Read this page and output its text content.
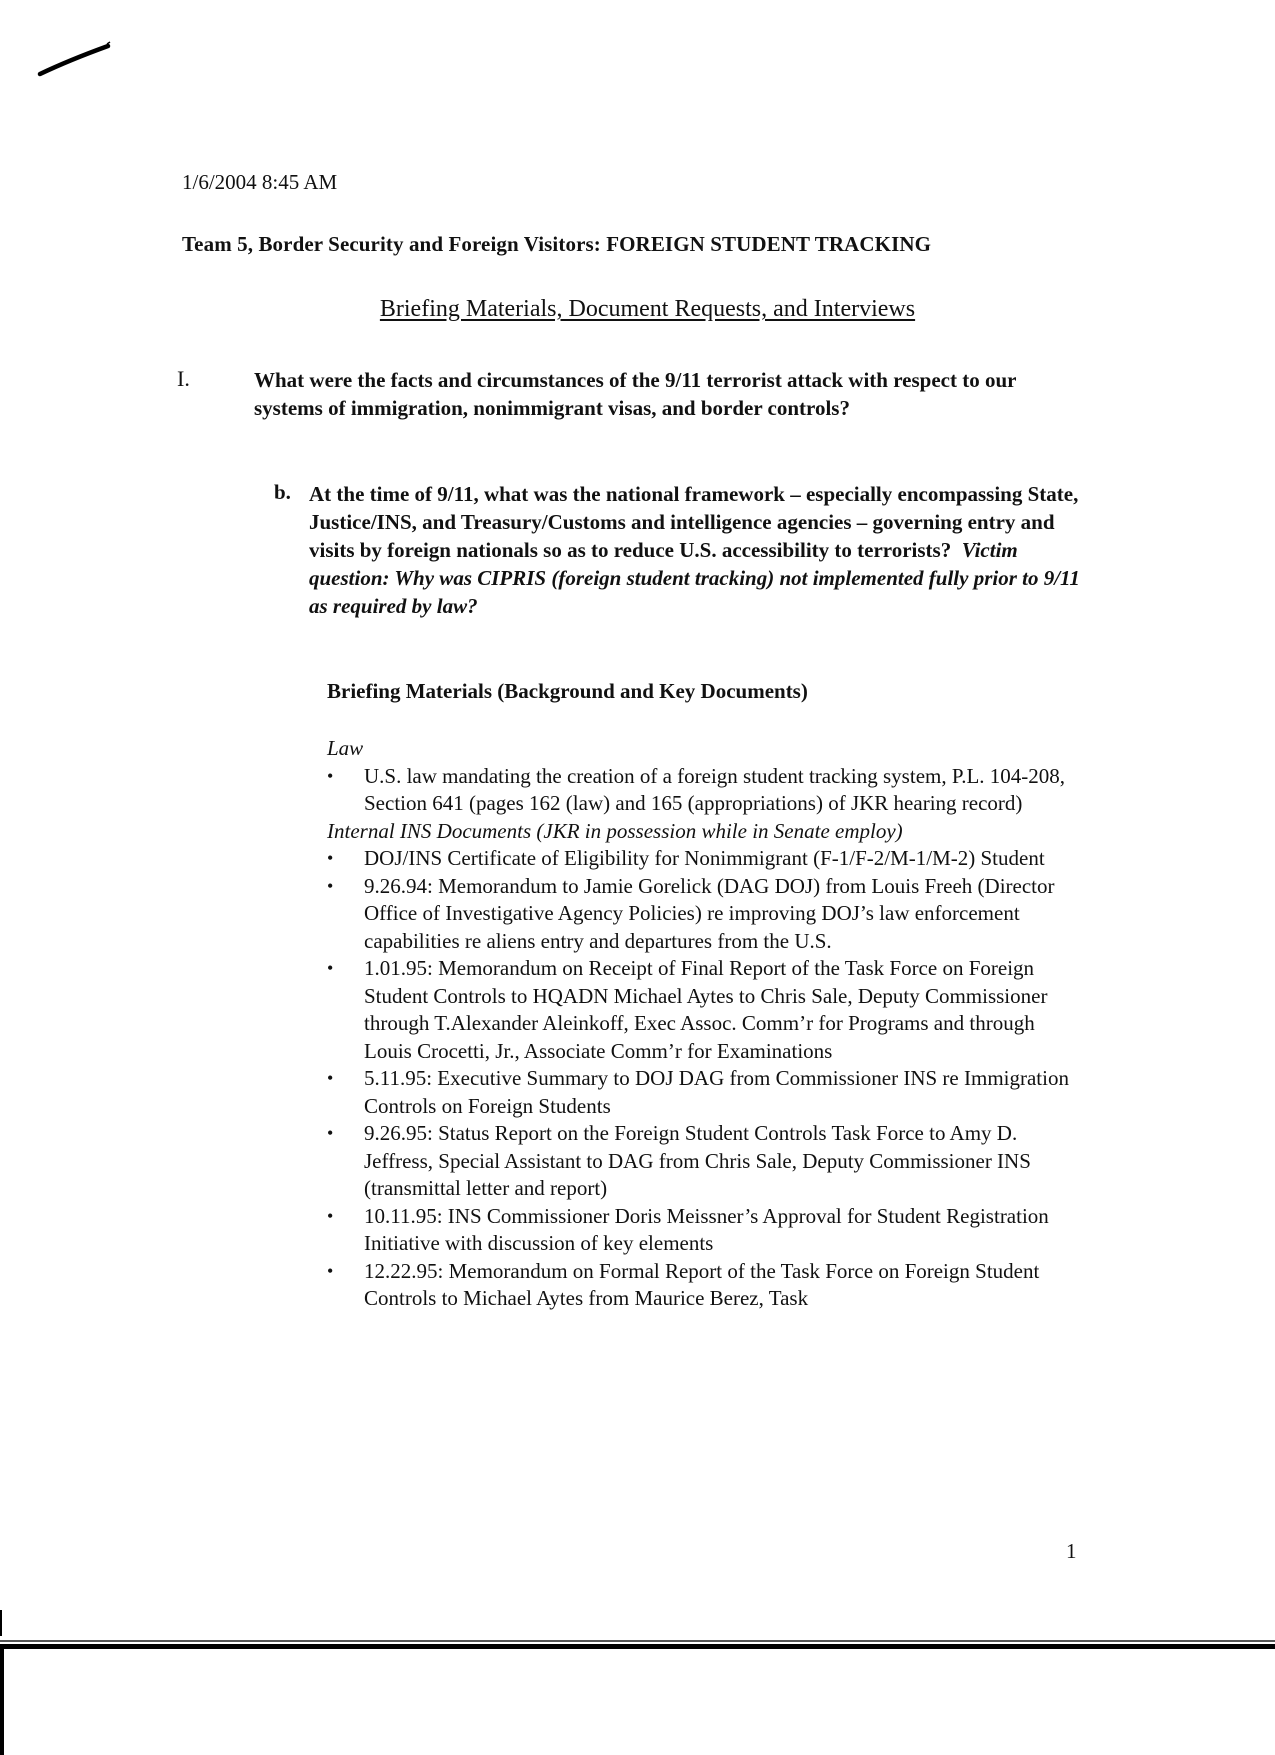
1/6/2004 8:45 AM
Team 5, Border Security and Foreign Visitors: FOREIGN STUDENT TRACKING
Briefing Materials, Document Requests, and Interviews
I.	What were the facts and circumstances of the 9/11 terrorist attack with respect to our systems of immigration, nonimmigrant visas, and border controls?
b. At the time of 9/11, what was the national framework – especially encompassing State, Justice/INS, and Treasury/Customs and intelligence agencies – governing entry and visits by foreign nationals so as to reduce U.S. accessibility to terrorists? Victim question: Why was CIPRIS (foreign student tracking) not implemented fully prior to 9/11 as required by law?
Briefing Materials (Background and Key Documents)
Law
• U.S. law mandating the creation of a foreign student tracking system, P.L. 104-208, Section 641 (pages 162 (law) and 165 (appropriations) of JKR hearing record)
Internal INS Documents (JKR in possession while in Senate employ)
• DOJ/INS Certificate of Eligibility for Nonimmigrant (F-1/F-2/M-1/M-2) Student
• 9.26.94: Memorandum to Jamie Gorelick (DAG DOJ) from Louis Freeh (Director Office of Investigative Agency Policies) re improving DOJ’s law enforcement capabilities re aliens entry and departures from the U.S.
• 1.01.95: Memorandum on Receipt of Final Report of the Task Force on Foreign Student Controls to HQADN Michael Aytes to Chris Sale, Deputy Commissioner through T.Alexander Aleinkoff, Exec Assoc. Comm’r for Programs and through Louis Crocetti, Jr., Associate Comm’r for Examinations
• 5.11.95: Executive Summary to DOJ DAG from Commissioner INS re Immigration Controls on Foreign Students
• 9.26.95: Status Report on the Foreign Student Controls Task Force to Amy D. Jeffress, Special Assistant to DAG from Chris Sale, Deputy Commissioner INS (transmittal letter and report)
• 10.11.95: INS Commissioner Doris Meissner’s Approval for Student Registration Initiative with discussion of key elements
• 12.22.95: Memorandum on Formal Report of the Task Force on Foreign Student Controls to Michael Aytes from Maurice Berez, Task
1
